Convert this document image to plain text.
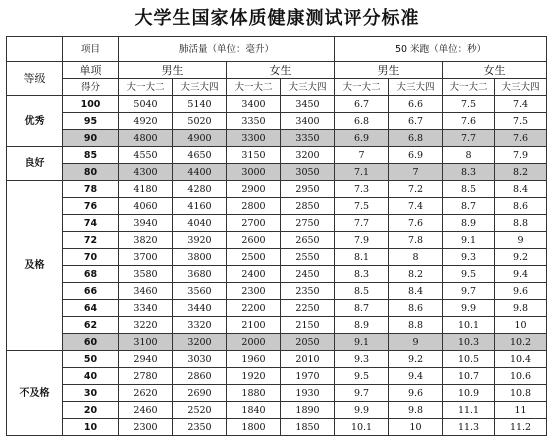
大学生国家体质健康测试评分标准
	项目	肺活量（单位：毫升）				50 米跑（单位：秒）			
等级	单项	男生		女生		男生		女生	
	得分	大一大二	大三大四	大一大二	大三大四	大一大二	大三大四	大一大二	大三大四
优秀	100	5040	5140	3400	3450	6.7	6.6	7.5	7.4
	95	4920	5020	3350	3400	6.8	6.7	7.6	7.5
	90	4800	4900	3300	3350	6.9	6.8	7.7	7.6
良好	85	4550	4650	3150	3200	7	6.9	8	7.9
	80	4300	4400	3000	3050	7.1	7	8.3	8.2
及格	78	4180	4280	2900	2950	7.3	7.2	8.5	8.4
	76	4060	4160	2800	2850	7.5	7.4	8.7	8.6
	74	3940	4040	2700	2750	7.7	7.6	8.9	8.8
	72	3820	3920	2600	2650	7.9	7.8	9.1	9
	70	3700	3800	2500	2550	8.1	8	9.3	9.2
	68	3580	3680	2400	2450	8.3	8.2	9.5	9.4
	66	3460	3560	2300	2350	8.5	8.4	9.7	9.6
	64	3340	3440	2200	2250	8.7	8.6	9.9	9.8
	62	3220	3320	2100	2150	8.9	8.8	10.1	10
	60	3100	3200	2000	2050	9.1	9	10.3	10.2
不及格	50	2940	3030	1960	2010	9.3	9.2	10.5	10.4
	40	2780	2860	1920	1970	9.5	9.4	10.7	10.6
	30	2620	2690	1880	1930	9.7	9.6	10.9	10.8
	20	2460	2520	1840	1890	9.9	9.8	11.1	11
	10	2300	2350	1800	1850	10.1	10	11.3	11.2
